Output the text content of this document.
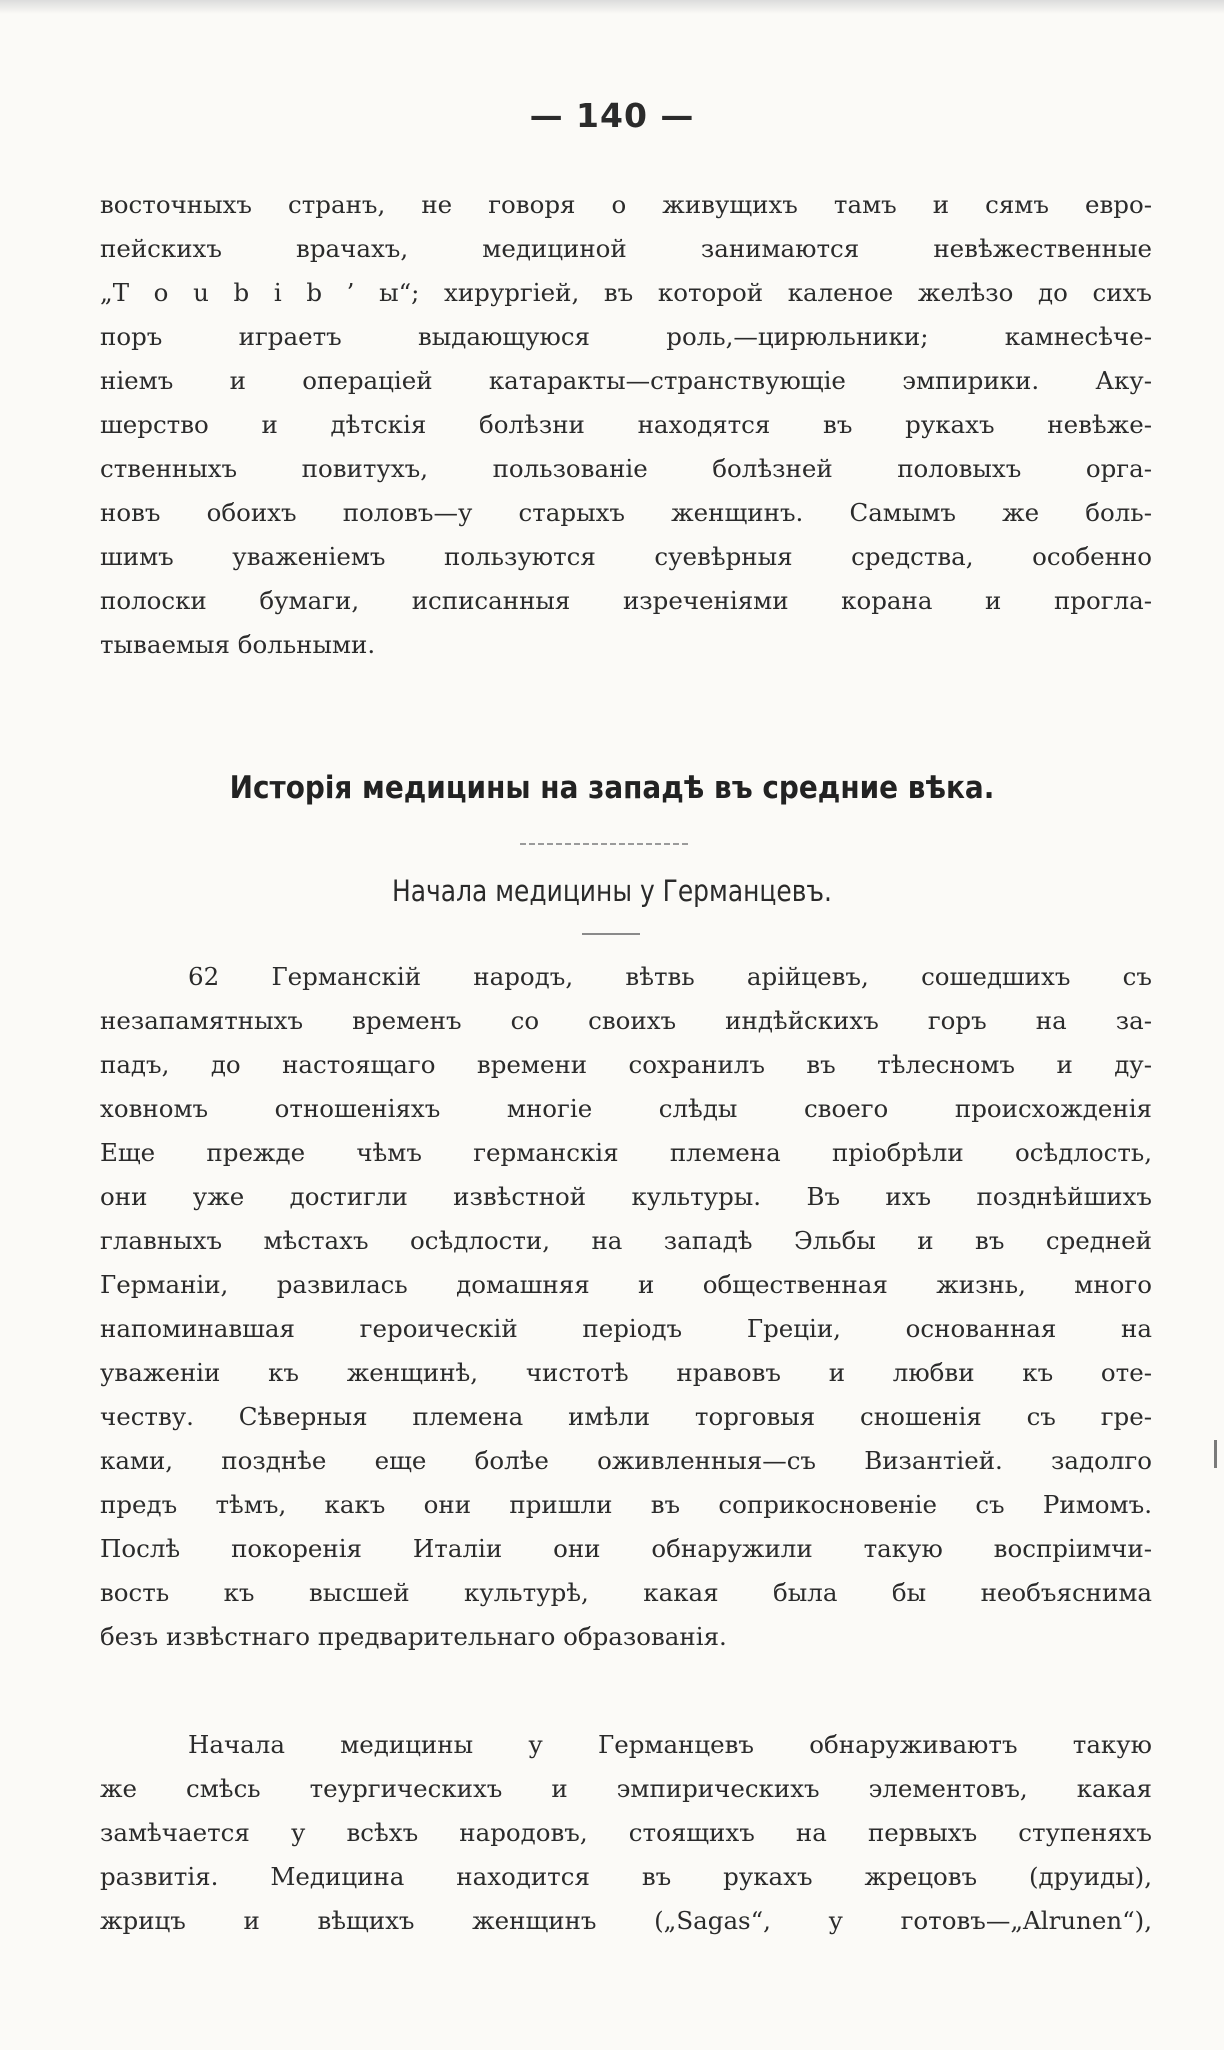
— 140 —
восточныхъ странъ, не говоря о живущихъ тамъ и сямъ евро-
пейскихъ врачахъ, медициной занимаются невѣжественные
„Т о u b i b ’ ы“; хирургiей, въ которой каленое желѣзо до сихъ
поръ играетъ выдающуюся роль,—цирюльники; камнесѣче-
нiемъ и операцiей катаракты—странствующiе эмпирики. Аку-
шерство и дѣтскiя болѣзни находятся въ рукахъ невѣже-
ственныхъ повитухъ, пользованiе болѣзней половыхъ орга-
новъ обоихъ половъ—у старыхъ женщинъ. Самымъ же боль-
шимъ уваженiемъ пользуются суевѣрныя средства, особенно
полоски бумаги, исписанныя изреченiями корана и прогла-
тываемыя больными.
Исторiя медицины на западѣ въ средние вѣка.
Начала медицины у Германцевъ.
62 Германскiй народъ, вѣтвь арiйцевъ, сошедшихъ съ
незапамятныхъ временъ со своихъ индѣйскихъ горъ на за-
падъ, до настоящаго времени сохранилъ въ тѣлесномъ и ду-
ховномъ отношенiяхъ многiе слѣды своего происхожденiя
Еще прежде чѣмъ германскiя племена прiобрѣли осѣдлость,
они уже достигли извѣстной культуры. Въ ихъ позднѣйшихъ
главныхъ мѣстахъ осѣдлости, на западѣ Эльбы и въ средней
Германiи, развилась домашняя и общественная жизнь, много
напоминавшая героическiй перiодъ Грецiи, основанная на
уваженiи къ женщинѣ, чистотѣ нравовъ и любви къ оте-
честву. Сѣверныя племена имѣли торговыя сношенiя съ гре-
ками, позднѣе еще болѣе оживленныя—съ Византiей. задолго
предъ тѣмъ, какъ они пришли въ соприкосновенiе съ Римомъ.
Послѣ покоренiя Италiи они обнаружили такую воспрiимчи-
вость къ высшей культурѣ, какая была бы необъяснима
безъ извѣстнаго предварительнаго образованiя.
Начала медицины у Германцевъ обнаруживаютъ такую
же смѣсь теургическихъ и эмпирическихъ элементовъ, какая
замѣчается у всѣхъ народовъ, стоящихъ на первыхъ ступеняхъ
развитiя. Медицина находится въ рукахъ жрецовъ (друиды),
жрицъ и вѣщихъ женщинъ („Sagas“, у готовъ—„Alrunen“),
